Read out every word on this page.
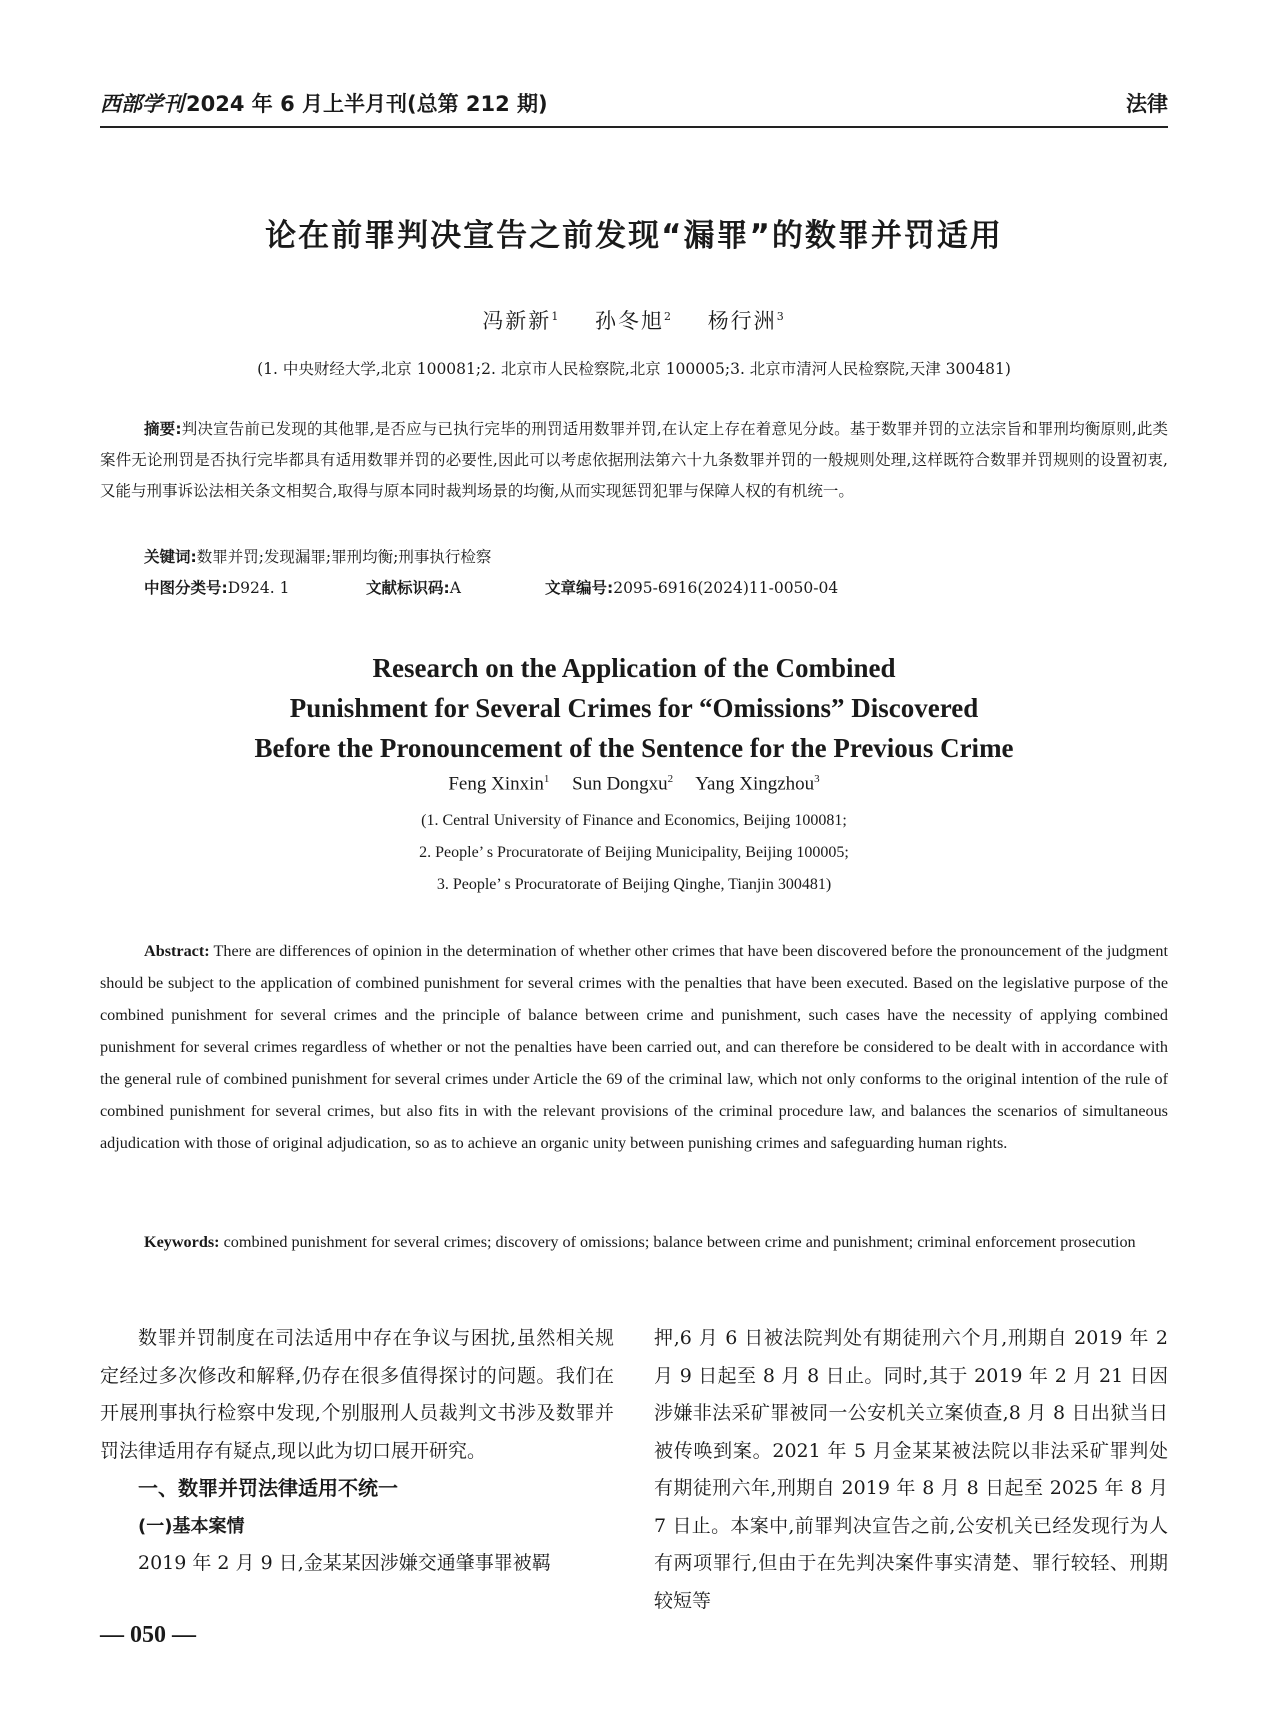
西部学刊2024 年 6 月上半月刊(总第 212 期)	法律
论在前罪判决宣告之前发现“漏罪”的数罪并罚适用
冯新新$^1$ 孙冬旭$^2$ 杨行洲$^3$
(1. 中央财经大学,北京 100081;2. 北京市人民检察院,北京 100005;3. 北京市清河人民检察院,天津 300481)
摘要:判决宣告前已发现的其他罪,是否应与已执行完毕的刑罚适用数罪并罚,在认定上存在着意见分歧。基于数罪并罚的立法宗旨和罪刑均衡原则,此类案件无论刑罚是否执行完毕都具有适用数罪并罚的必要性,因此可以考虑依据刑法第六十九条数罪并罚的一般规则处理,这样既符合数罪并罚规则的设置初衷,又能与刑事诉讼法相关条文相契合,取得与原本同时裁判场景的均衡,从而实现惩罚犯罪与保障人权的有机统一。
关键词:数罪并罚;发现漏罪;罪刑均衡;刑事执行检察
中图分类号:D924. 1	文献标识码:A	文章编号:2095-6916(2024)11-0050-04
Research on the Application of the Combined
Punishment for Several Crimes for “Omissions” Discovered
Before the Pronouncement of the Sentence for the Previous Crime
Feng Xinxin$^1$ Sun Dongxu$^2$ Yang Xingzhou$^3$
(1. Central University of Finance and Economics, Beijing 100081;
2. People’ s Procuratorate of Beijing Municipality, Beijing 100005;
3. People’ s Procuratorate of Beijing Qinghe, Tianjin 300481)
Abstract: There are differences of opinion in the determination of whether other crimes that have been discovered before the pronouncement of the judgment should be subject to the application of combined punishment for several crimes with the penalties that have been executed. Based on the legislative purpose of the combined punishment for several crimes and the principle of balance between crime and punishment, such cases have the necessity of applying combined punishment for several crimes regardless of whether or not the penalties have been carried out, and can therefore be considered to be dealt with in accordance with the general rule of combined punishment for several crimes under Article the 69 of the criminal law, which not only conforms to the original intention of the rule of combined punishment for several crimes, but also fits in with the relevant provisions of the criminal procedure law, and balances the scenarios of simultaneous adjudication with those of original adjudication, so as to achieve an organic unity between punishing crimes and safeguarding human rights.
Keywords: combined punishment for several crimes; discovery of omissions; balance between crime and punishment; criminal enforcement prosecution
数罪并罚制度在司法适用中存在争议与困扰,虽然相关规定经过多次修改和解释,仍存在很多值得探讨的问题。我们在开展刑事执行检察中发现,个别服刑人员裁判文书涉及数罪并罚法律适用存有疑点,现以此为切口展开研究。
一、数罪并罚法律适用不统一
(一)基本案情
2019 年 2 月 9 日,金某某因涉嫌交通肇事罪被羁
押,6 月 6 日被法院判处有期徒刑六个月,刑期自 2019 年 2 月 9 日起至 8 月 8 日止。同时,其于 2019 年 2 月 21 日因涉嫌非法采矿罪被同一公安机关立案侦查,8 月 8 日出狱当日被传唤到案。2021 年 5 月金某某被法院以非法采矿罪判处有期徒刑六年,刑期自 2019 年 8 月 8 日起至 2025 年 8 月 7 日止。本案中,前罪判决宣告之前,公安机关已经发现行为人有两项罪行,但由于在先判决案件事实清楚、罪行较轻、刑期较短等
— 050 —
